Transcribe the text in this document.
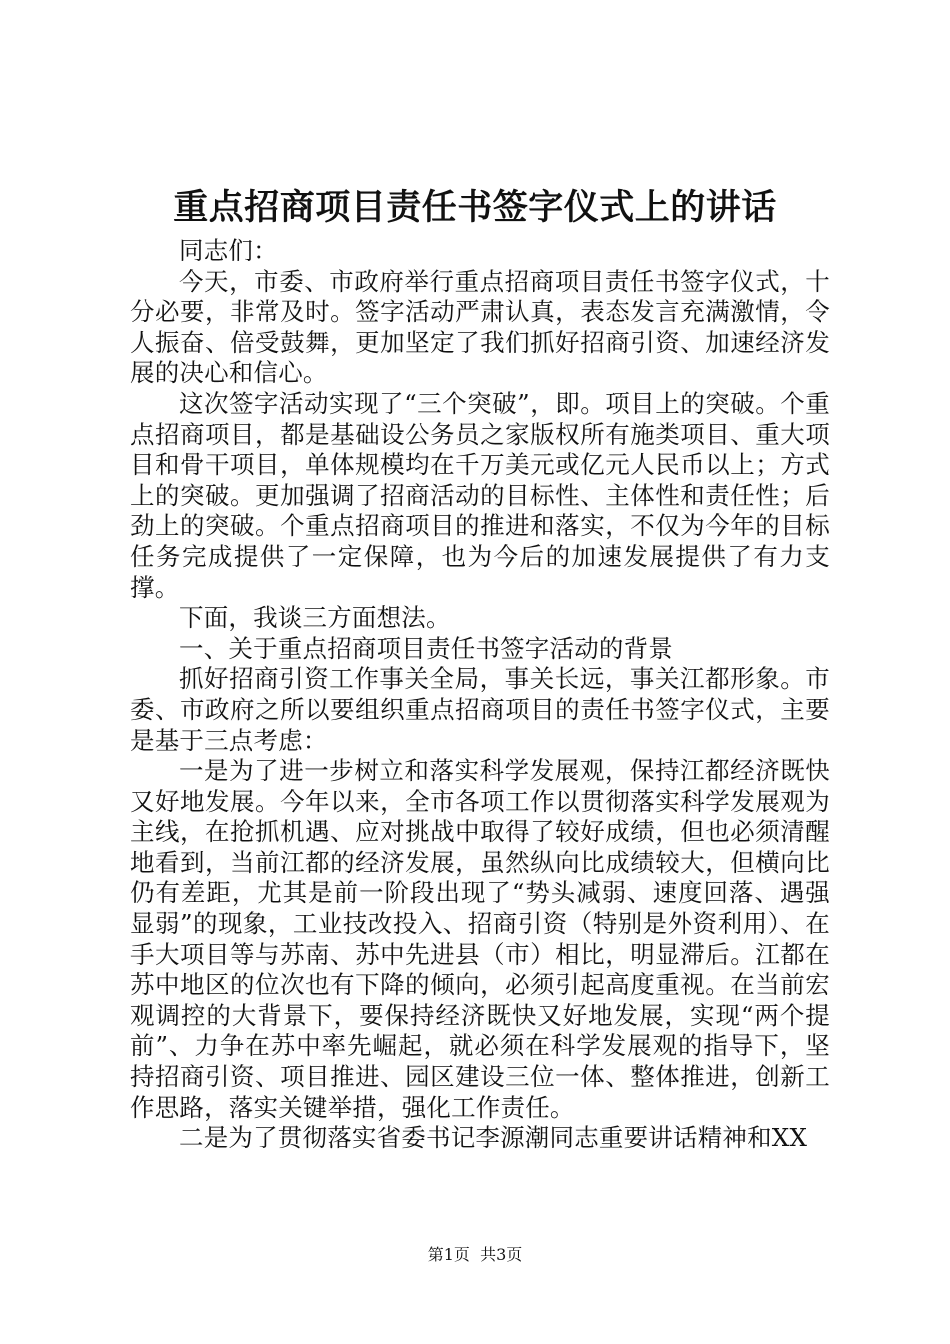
重点招商项目责任书签字仪式上的讲话

同志们：

今天，市委、市政府举行重点招商项目责任书签字仪式，十分必要，非常及时。签字活动严肃认真，表态发言充满激情，令人振奋、倍受鼓舞，更加坚定了我们抓好招商引资、加速经济发展的决心和信心。

这次签字活动实现了“三个突破”，即。项目上的突破。个重点招商项目，都是基础设公务员之家版权所有施类项目、重大项目和骨干项目，单体规模均在千万美元或亿元人民币以上；方式上的突破。更加强调了招商活动的目标性、主体性和责任性；后劲上的突破。个重点招商项目的推进和落实，不仅为今年的目标任务完成提供了一定保障，也为今后的加速发展提供了有力支撑。

下面，我谈三方面想法。

一、关于重点招商项目责任书签字活动的背景

抓好招商引资工作事关全局，事关长远，事关江都形象。市委、市政府之所以要组织重点招商项目的责任书签字仪式，主要是基于三点考虑：

一是为了进一步树立和落实科学发展观，保持江都经济既快又好地发展。今年以来，全市各项工作以贯彻落实科学发展观为主线，在抢抓机遇、应对挑战中取得了较好成绩，但也必须清醒地看到，当前江都的经济发展，虽然纵向比成绩较大，但横向比仍有差距，尤其是前一阶段出现了“势头减弱、速度回落、遇强显弱”的现象，工业技改投入、招商引资（特别是外资利用）、在手大项目等与苏南、苏中先进县（市）相比，明显滞后。江都在苏中地区的位次也有下降的倾向，必须引起高度重视。在当前宏观调控的大背景下，要保持经济既快又好地发展，实现“两个提前”、力争在苏中率先崛起，就必须在科学发展观的指导下，坚持招商引资、项目推进、园区建设三位一体、整体推进，创新工作思路，落实关键举措，强化工作责任。

二是为了贯彻落实省委书记李源潮同志重要讲话精神和XX

第1页  共3页
